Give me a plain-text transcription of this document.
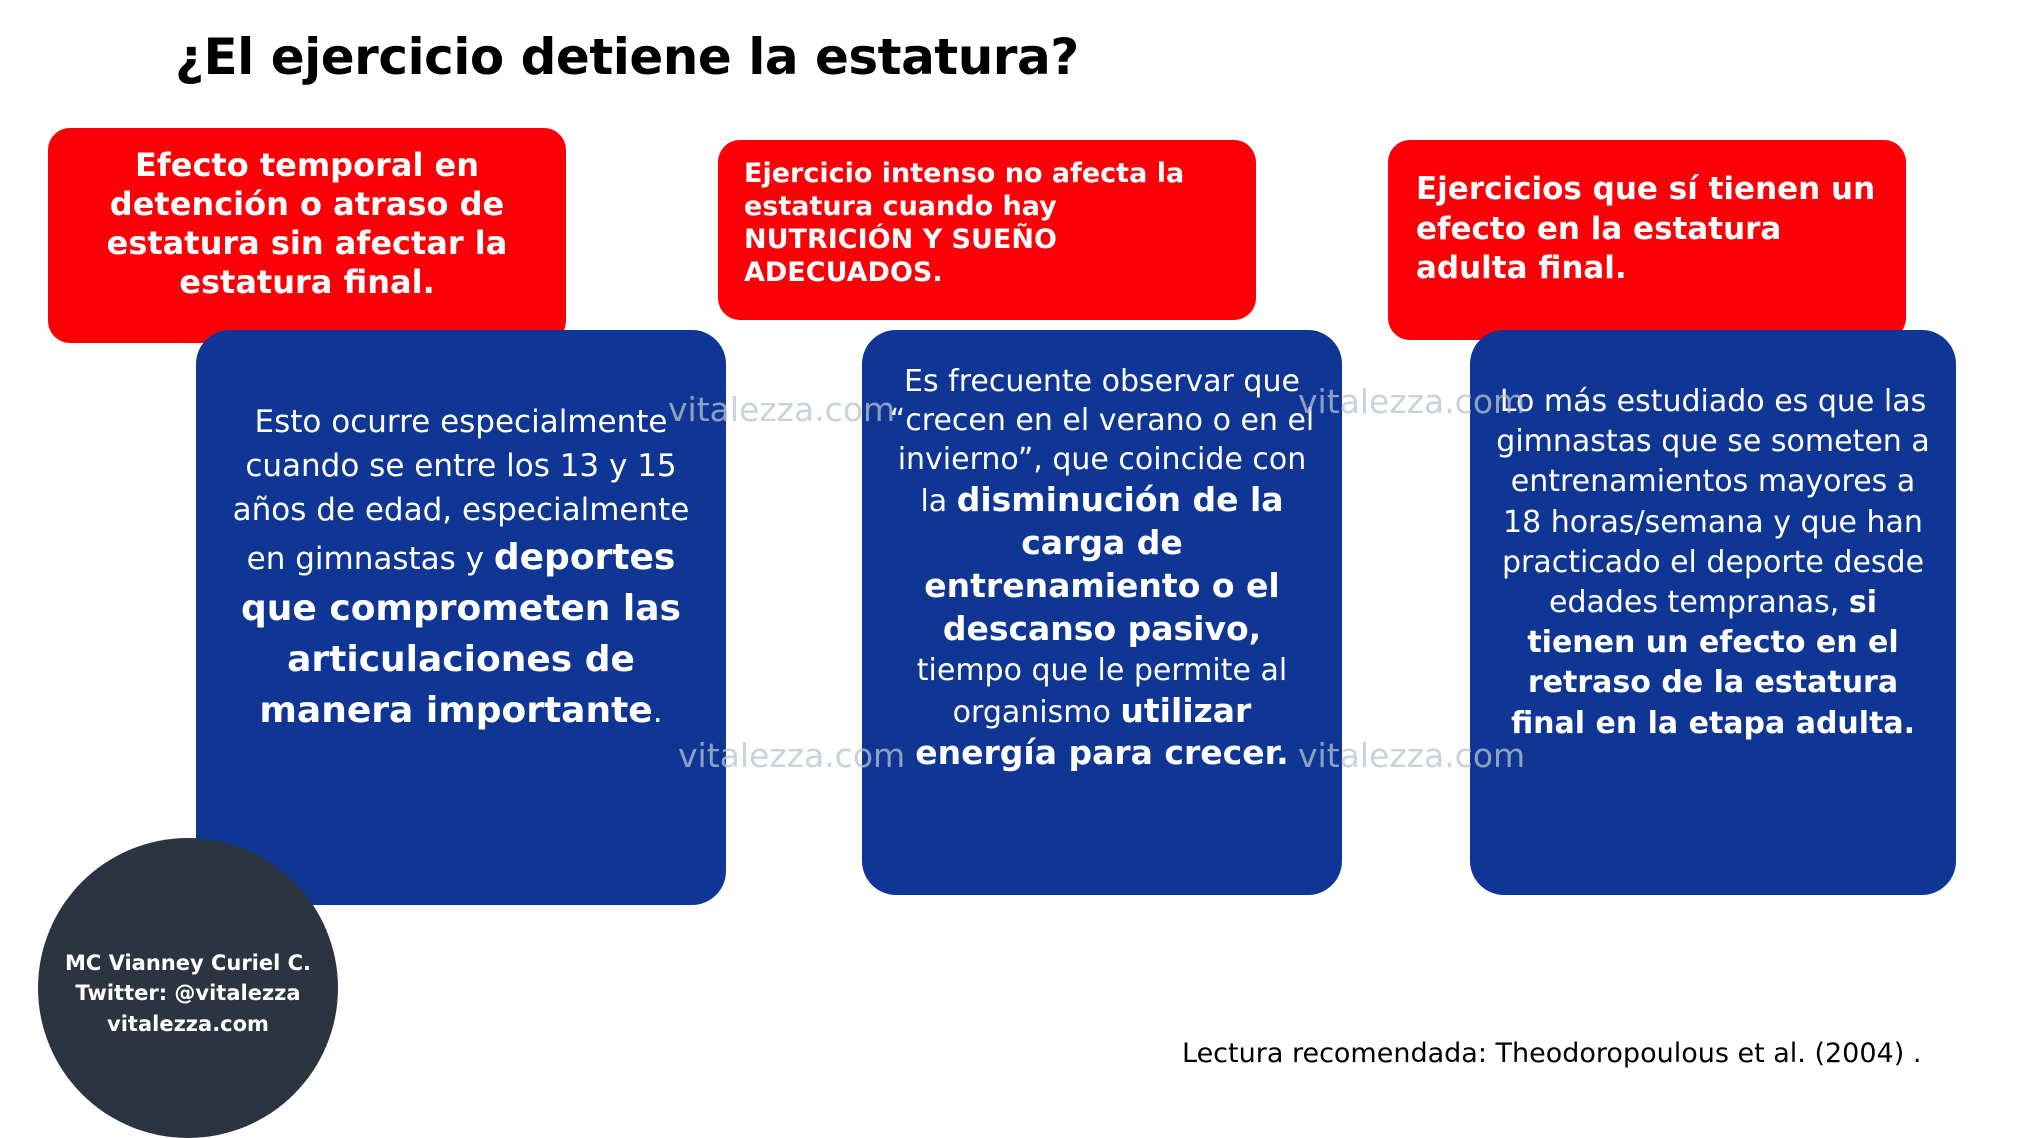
¿El ejercicio detiene la estatura?
Efecto temporal en detención o atraso de estatura sin afectar la estatura final.
Esto ocurre especialmente cuando se entre los 13 y 15 años de edad, especialmente en gimnastas y deportes que comprometen las articulaciones de manera importante.
Ejercicio intenso no afecta la estatura cuando hay NUTRICIÓN Y SUEÑO ADECUADOS.
Es frecuente observar que “crecen en el verano o en el invierno”, que coincide con la disminución de la carga de entrenamiento o el descanso pasivo, tiempo que le permite al organismo utilizar energía para crecer.
Ejercicios que sí tienen un efecto en la estatura adulta final.
Lo más estudiado es que las gimnastas que se someten a entrenamientos mayores a 18 horas/semana y que han practicado el deporte desde edades tempranas, si tienen un efecto en el retraso de la estatura final en la etapa adulta.
vitalezza.com	vitalezza.com
vitalezza.com	vitalezza.com
MC Vianney Curiel C.
Twitter: @vitalezza
vitalezza.com
Lectura recomendada: Theodoropoulous et al. (2004) .
